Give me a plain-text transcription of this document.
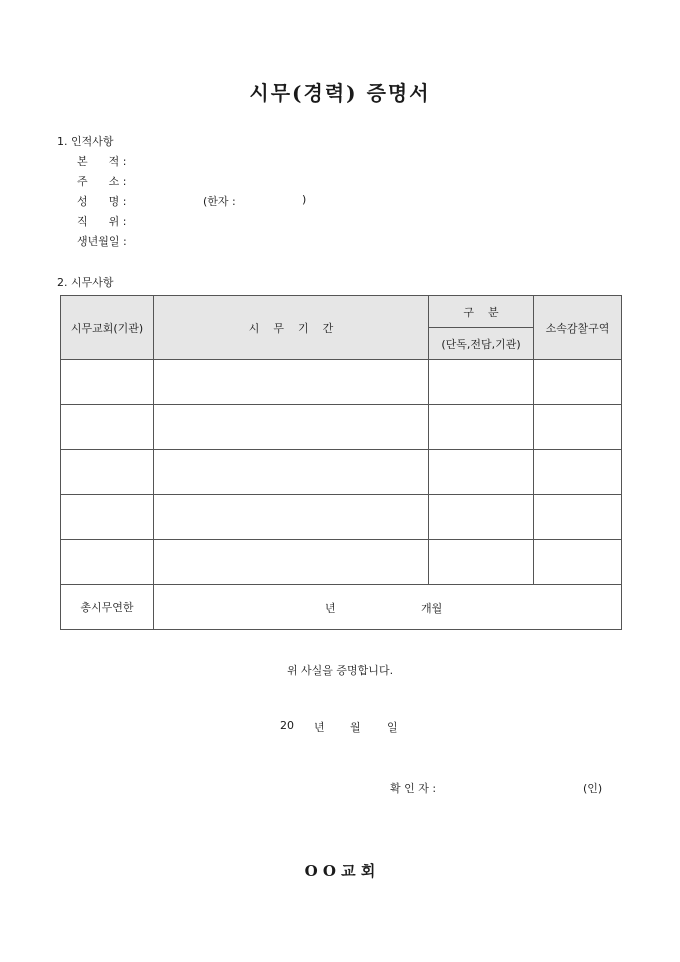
시무(경력) 증명서
1. 인적사항
본      적 :
주      소 :
성      명 :	(한자 :	)
직      위 :
생년월일 :
2. 시무사항
시무교회(기관)	시    무    기    간	구    분	소속감찰구역
		(단독,전담,기관)	

총시무연한	년 개월		
위 사실을 증명합니다.
20 년 월 일
확 인 자 :	(인)
O O 교 회
